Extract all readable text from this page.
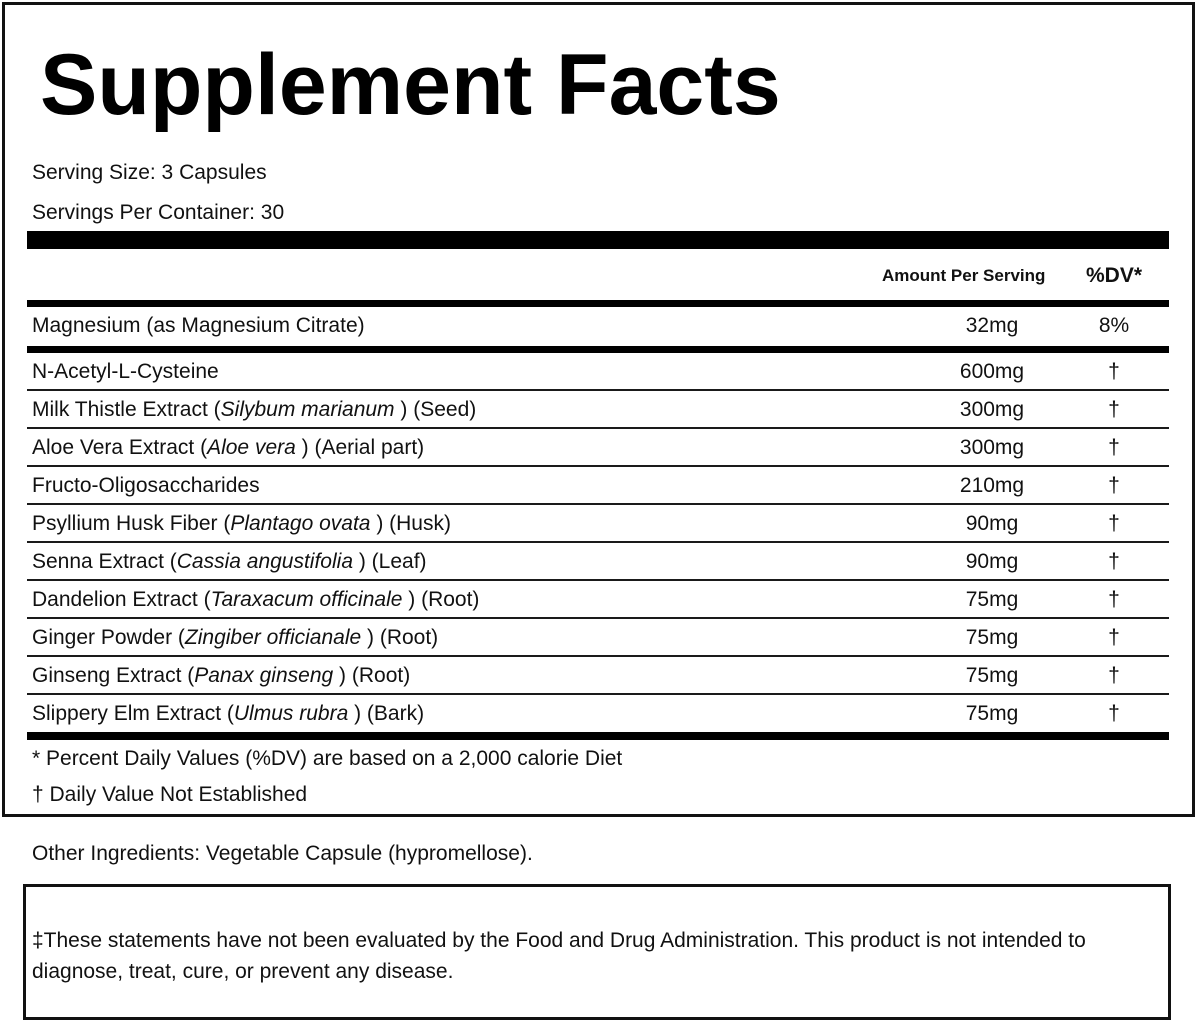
Supplement Facts
Serving Size: 3 Capsules
Servings Per Container: 30
Amount Per Serving %DV*
Magnesium (as Magnesium Citrate)	32mg	8%
N-Acetyl-L-Cysteine	600mg	†
Milk Thistle Extract (Silybum marianum ) (Seed)	300mg	†
Aloe Vera Extract (Aloe vera ) (Aerial part)	300mg	†
Fructo-Oligosaccharides	210mg	†
Psyllium Husk Fiber (Plantago ovata ) (Husk)	90mg	†
Senna Extract (Cassia angustifolia ) (Leaf)	90mg	†
Dandelion Extract (Taraxacum officinale ) (Root)	75mg	†
Ginger Powder (Zingiber officianale ) (Root)	75mg	†
Ginseng Extract (Panax ginseng ) (Root)	75mg	†
Slippery Elm Extract (Ulmus rubra ) (Bark)	75mg	†
* Percent Daily Values (%DV) are based on a 2,000 calorie Diet
† Daily Value Not Established
Other Ingredients: Vegetable Capsule (hypromellose).
‡These statements have not been evaluated by the Food and Drug Administration. This product is not intended to diagnose, treat, cure, or prevent any disease.
